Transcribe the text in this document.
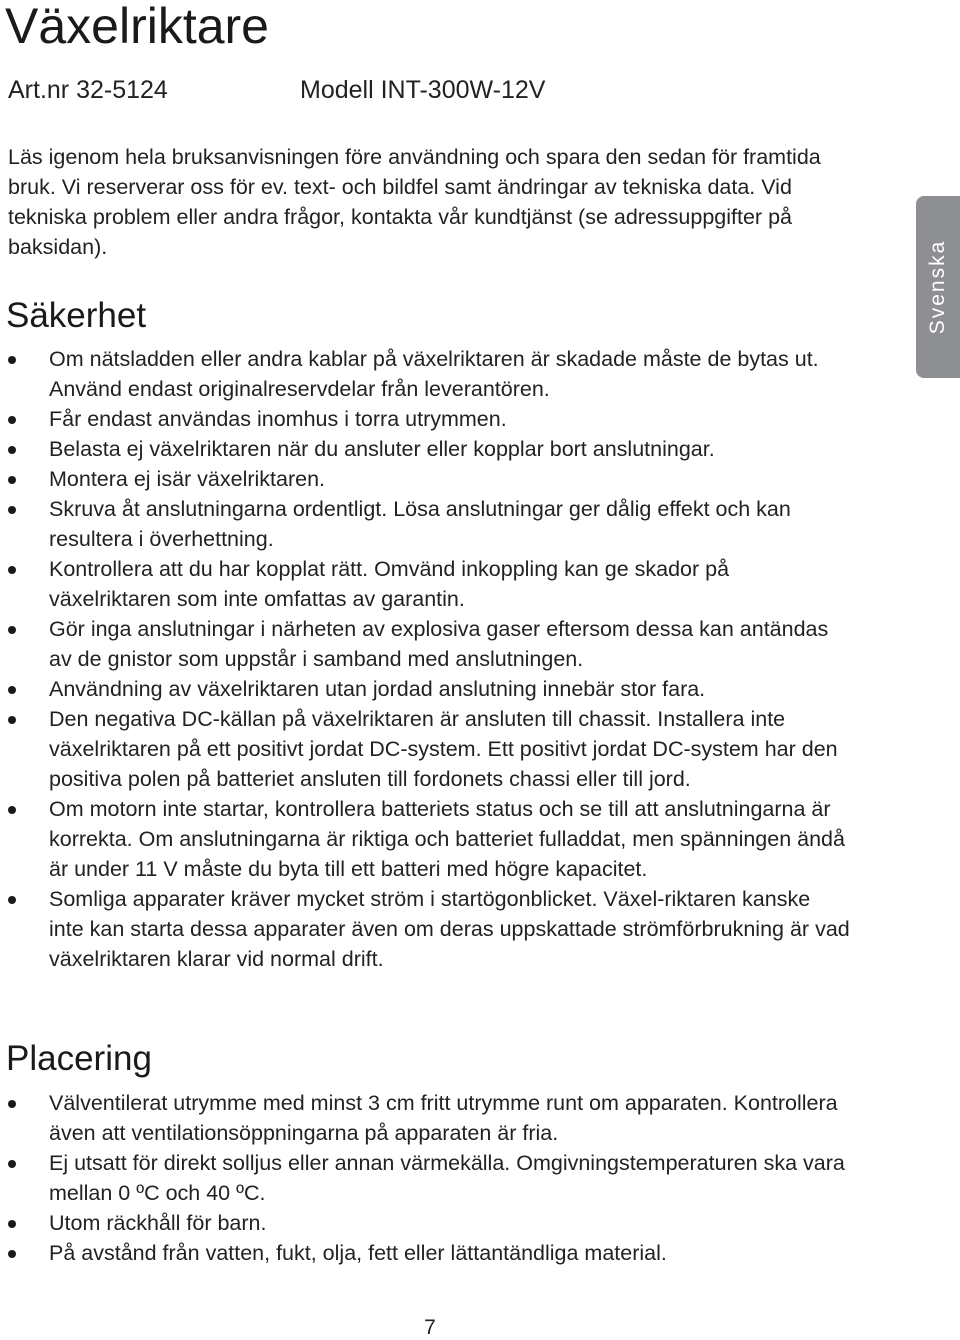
Växelriktare
Art.nr 32-5124	Modell INT-300W-12V

Läs igenom hela bruksanvisningen före användning och spara den sedan för framtida bruk. Vi reserverar oss för ev. text- och bildfel samt ändringar av tekniska data. Vid tekniska problem eller andra frågor, kontakta vår kundtjänst (se adressuppgifter på baksidan).

Säkerhet
Om nätsladden eller andra kablar på växelriktaren är skadade måste de bytas ut. Använd endast originalreservdelar från leverantören.
Får endast användas inomhus i torra utrymmen.
Belasta ej växelriktaren när du ansluter eller kopplar bort anslutningar.
Montera ej isär växelriktaren.
Skruva åt anslutningarna ordentligt. Lösa anslutningar ger dålig effekt och kan resultera i överhettning.
Kontrollera att du har kopplat rätt. Omvänd inkoppling kan ge skador på växelriktaren som inte omfattas av garantin.
Gör inga anslutningar i närheten av explosiva gaser eftersom dessa kan antändas av de gnistor som uppstår i samband med anslutningen.
Användning av växelriktaren utan jordad anslutning innebär stor fara.
Den negativa DC-källan på växelriktaren är ansluten till chassit. Installera inte växelriktaren på ett positivt jordat DC-system. Ett positivt jordat DC-system har den positiva polen på batteriet ansluten till fordonets chassi eller till jord.
Om motorn inte startar, kontrollera batteriets status och se till att anslutningarna är korrekta. Om anslutningarna är riktiga och batteriet fulladdat, men spänningen ändå är under 11 V måste du byta till ett batteri med högre kapacitet.
Somliga apparater kräver mycket ström i startögonblicket. Växel-riktaren kanske inte kan starta dessa apparater även om deras uppskattade strömförbrukning är vad växelriktaren klarar vid normal drift.
Placering
Välventilerat utrymme med minst 3 cm fritt utrymme runt om apparaten. Kontrollera även att ventilationsöppningarna på apparaten är fria.
Ej utsatt för direkt solljus eller annan värmekälla. Omgivningstemperaturen ska vara mellan 0 ºC och 40 ºC.
Utom räckhåll för barn.
På avstånd från vatten, fukt, olja, fett eller lättantändliga material.
Svenska
7
